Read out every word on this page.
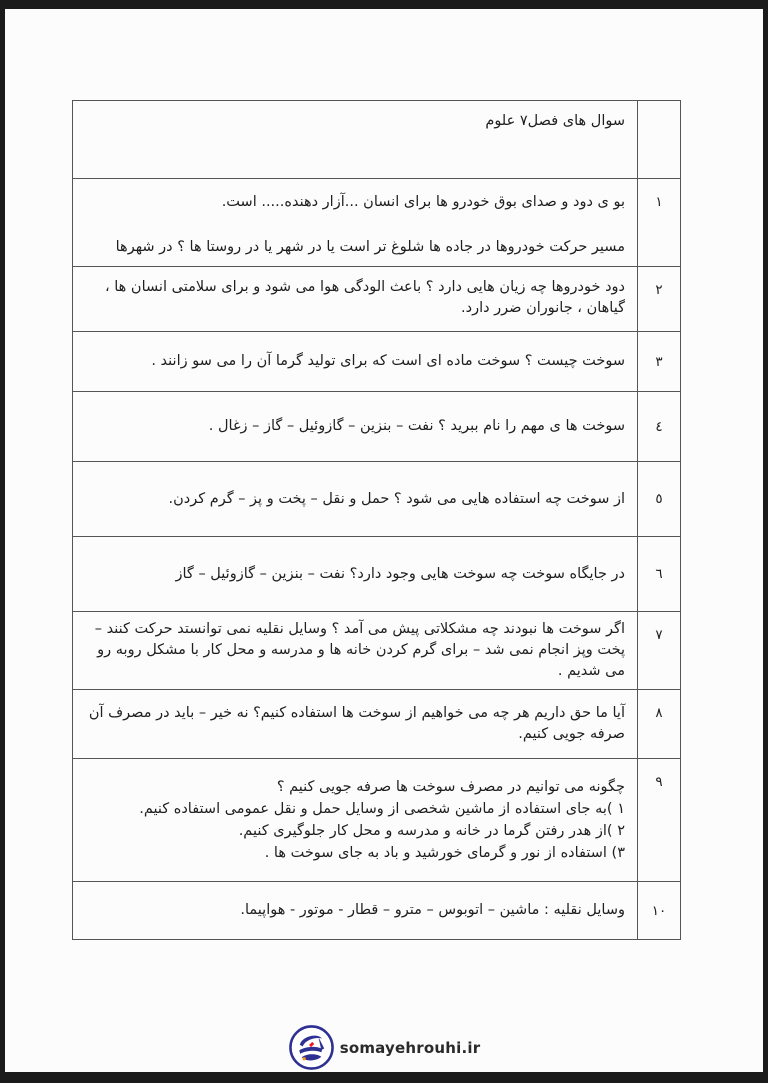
سوال های فصل۷ علوم
۱
بو ی دود و صدای بوق خودرو ها برای انسان ...آزار دهنده..... است.
مسیر حرکت خودروها در جاده ها شلوغ تر است یا در شهر یا در روستا ها ؟ در شهرها
۲
دود خودروها چه زیان هایی دارد ؟ باعث الودگی هوا می شود و برای سلامتی انسان ها ، گیاهان ، جانوران ضرر دارد.
۳
سوخت چیست ؟ سوخت ماده ای است که برای تولید گرما آن را می سو زانند .
٤
سوخت ها ی مهم را نام ببرید ؟ نفت – بنزین – گازوئیل – گاز – زغال .
٥
از سوخت چه استفاده هایی می شود ؟ حمل و نقل – پخت و پز – گرم کردن.
٦
در جایگاه سوخت چه سوخت هایی وجود دارد؟ نفت – بنزین – گازوئیل – گاز
۷
اگر سوخت ها نبودند چه مشکلاتی پیش می آمد ؟ وسایل نقلیه نمی توانستد حرکت کنند – پخت وپز انجام نمی شد – برای گرم کردن خانه ها و مدرسه و محل کار با مشکل روبه رو می شدیم .
۸
آیا ما حق داریم هر چه می خواهیم از سوخت ها استفاده کنیم؟ نه خیر – باید در مصرف آن صرفه جویی کنیم.
۹
چگونه می توانیم در مصرف سوخت ها صرفه جویی کنیم ؟
۱ )به جای استفاده از ماشین شخصی از وسایل حمل و نقل عمومی استفاده کنیم.
۲ )از هدر رفتن گرما در خانه و مدرسه و محل کار جلوگیری کنیم.
۳) استفاده از نور و گرمای خورشید و باد به جای سوخت ها .
۱۰
وسایل نقلیه : ماشین – اتوبوس – مترو – قطار - موتور - هواپیما.
somayehrouhi.ir
